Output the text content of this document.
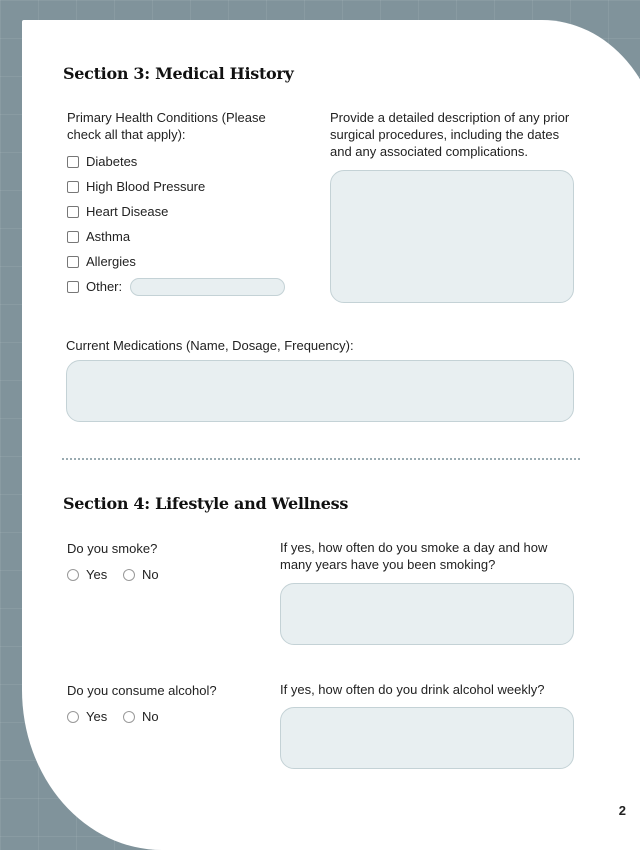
Section 3: Medical History
Primary Health Conditions (Please check all that apply):
Diabetes
High Blood Pressure
Heart Disease
Asthma
Allergies
Other:
Provide a detailed description of any prior surgical procedures, including the dates and any associated complications.
Current Medications (Name, Dosage, Frequency):
Section 4: Lifestyle and Wellness
Do you smoke?
Yes	No
If yes, how often do you smoke a day and how many years have you been smoking?
Do you consume alcohol?
Yes	No
If yes, how often do you drink alcohol weekly?
2
